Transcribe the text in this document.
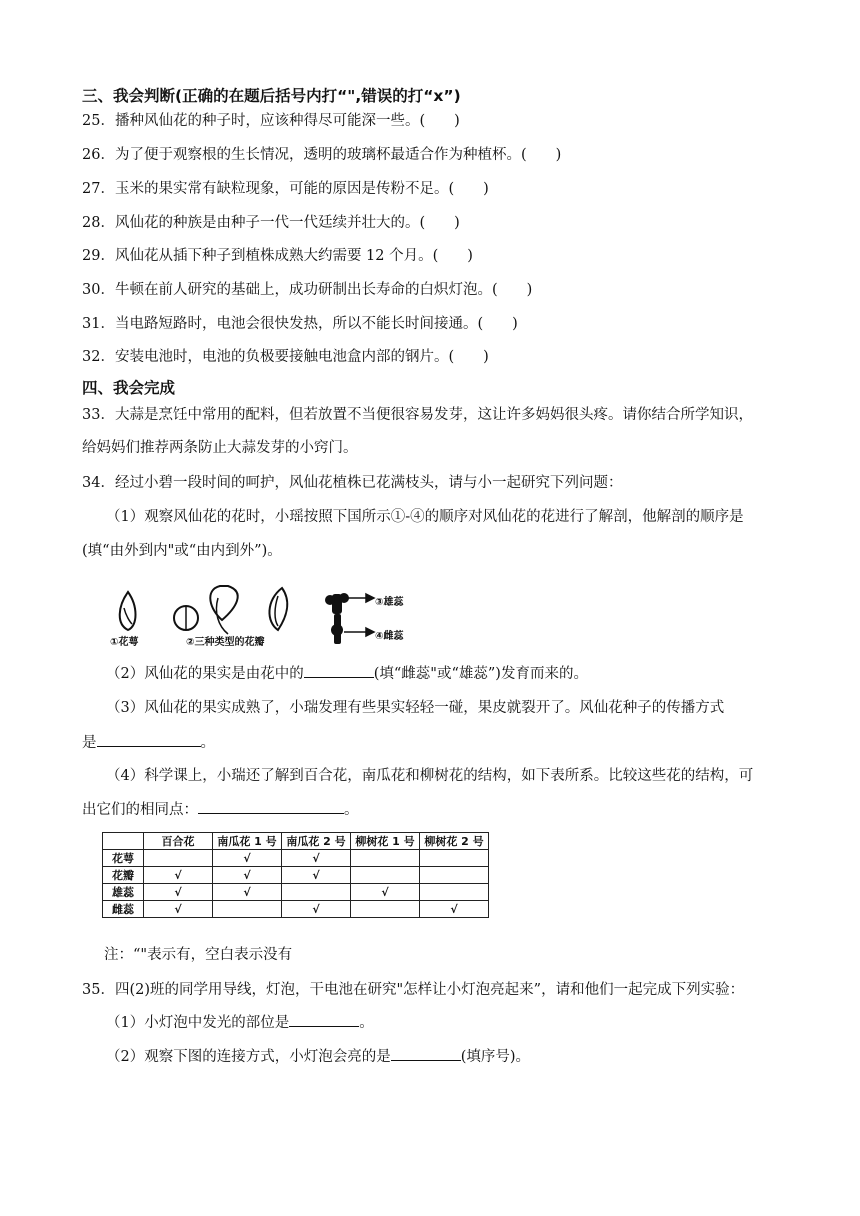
三、我会判断(正确的在题后括号内打“",错误的打“x”)
25．播种风仙花的种子时，应该种得尽可能深一些。(　　)
26．为了便于观察根的生长情况，透明的玻璃杯最适合作为种植杯。(　　)
27．玉米的果实常有缺粒现象，可能的原因是传粉不足。(　　)
28．风仙花的种族是由种子一代一代廷续并壮大的。(　　)
29．风仙花从插下种子到植株成熟大约需要 12 个月。(　　)
30．牛顿在前人研究的基础上，成功研制出长寿命的白炽灯泡。(　　)
31．当电路短路时，电池会很快发热，所以不能长时间接通。(　　)
32．安装电池时，电池的负极要接触电池盒内部的钢片。(　　)
四、我会完成
33．大蒜是烹饪中常用的配料，但若放置不当便很容易发芽，这让许多妈妈很头疼。请你结合所学知识，
给妈妈们推荐两条防止大蒜发芽的小窍门。
34．经过小碧一段时间的呵护，风仙花植株已花满枝头，请与小一起研究下列问题：
（1）观察风仙花的花时，小瑶按照下国所示①-④的顺序对风仙花的花进行了解剖，他解剖的顺序是
(填“由外到内"或“由内到外”)。
①花萼	②三种类型的花瓣
③雄蕊
④雌蕊
（2）风仙花的果实是由花中的	(填“雌蕊"或“雄蕊”)发育而来的。
（3）风仙花的果实成熟了，小瑞发理有些果实轻轻一碰，果皮就裂开了。风仙花种子的传播方式
是	。
（4）科学课上，小瑞还了解到百合花，南瓜花和柳树花的结构，如下表所系。比较这些花的结构，可
出它们的相同点：	。
	百合花	南瓜花 1 号	南瓜花 2 号	柳树花 1 号	柳树花 2 号
花萼		√	√		
花瓣	√	√	√		
雄蕊	√	√		√	
雌蕊	√		√		√
注：“"表示有，空白表示没有
35．四(2)班的同学用导线，灯泡，干电池在研究"怎样让小灯泡亮起来”，请和他们一起完成下列实验：
（1）小灯泡中发光的部位是	。
（2）观察下图的连接方式，小灯泡会亮的是	(填序号)。
